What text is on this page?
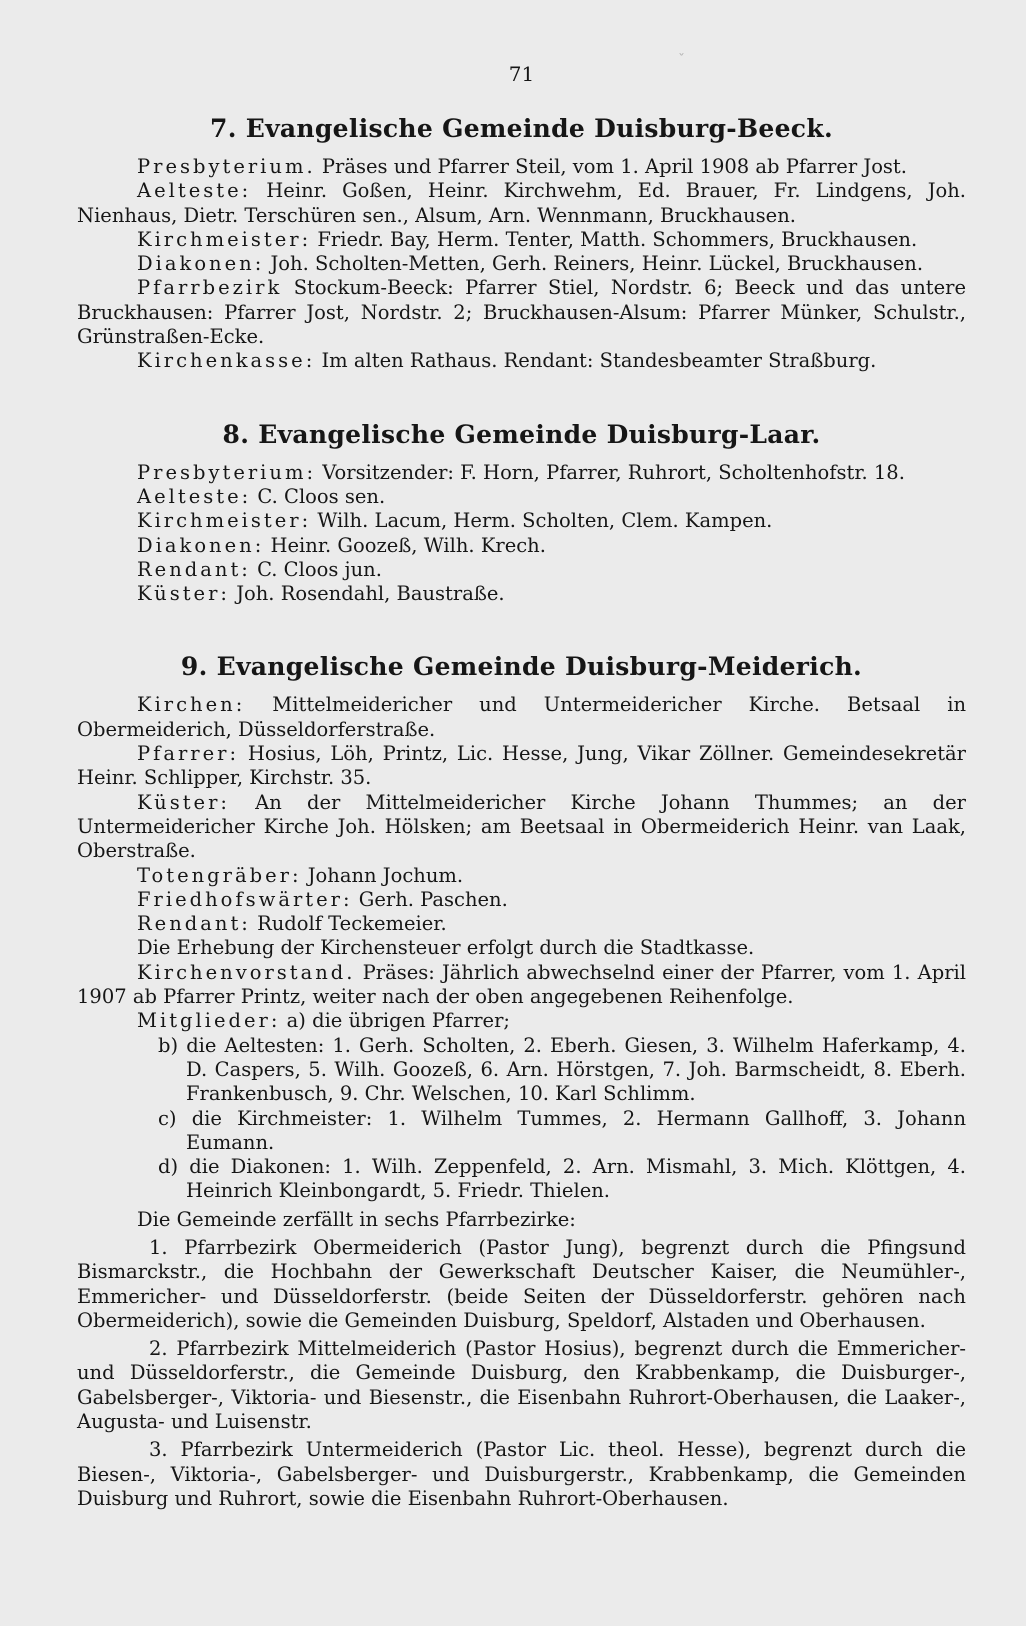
ˇ
71
7. Evangelische Gemeinde Duisburg-Beeck.

Presbyterium. Präses und Pfarrer Steil, vom 1. April 1908 ab Pfarrer Jost.

Aelteste: Heinr. Goßen, Heinr. Kirchwehm, Ed. Brauer, Fr. Lindgens, Joh. Nienhaus, Dietr. Terschüren sen., Alsum, Arn. Wennmann, Bruckhausen.

Kirchmeister: Friedr. Bay, Herm. Tenter, Matth. Schommers, Bruckhausen.

Diakonen: Joh. Scholten-Metten, Gerh. Reiners, Heinr. Lückel, Bruckhausen.

Pfarrbezirk Stockum-Beeck: Pfarrer Stiel, Nordstr. 6; Beeck und das untere Bruckhausen: Pfarrer Jost, Nordstr. 2; Bruckhausen-Alsum: Pfarrer Münker, Schulstr., Grünstraßen-Ecke.

Kirchenkasse: Im alten Rathaus. Rendant: Standesbeamter Straßburg.

8. Evangelische Gemeinde Duisburg-Laar.

Presbyterium: Vorsitzender: F. Horn, Pfarrer, Ruhrort, Scholtenhofstr. 18.

Aelteste: C. Cloos sen.

Kirchmeister: Wilh. Lacum, Herm. Scholten, Clem. Kampen.

Diakonen: Heinr. Goozeß, Wilh. Krech.

Rendant: C. Cloos jun.

Küster: Joh. Rosendahl, Baustraße.

9. Evangelische Gemeinde Duisburg-Meiderich.

Kirchen: Mittelmeidericher und Untermeidericher Kirche. Betsaal in Obermeiderich, Düsseldorferstraße.

Pfarrer: Hosius, Löh, Printz, Lic. Hesse, Jung, Vikar Zöllner. Gemeindesekretär Heinr. Schlipper, Kirchstr. 35.

Küster: An der Mittelmeidericher Kirche Johann Thummes; an der Untermeidericher Kirche Joh. Hölsken; am Beetsaal in Obermeiderich Heinr. van Laak, Oberstraße.

Totengräber: Johann Jochum.

Friedhofswärter: Gerh. Paschen.

Rendant: Rudolf Teckemeier.

Die Erhebung der Kirchensteuer erfolgt durch die Stadtkasse.

Kirchenvorstand. Präses: Jährlich abwechselnd einer der Pfarrer, vom 1. April 1907 ab Pfarrer Printz, weiter nach der oben angegebenen Reihenfolge.

Mitglieder: a) die übrigen Pfarrer;

b) die Aeltesten: 1. Gerh. Scholten, 2. Eberh. Giesen, 3. Wilhelm Haferkamp, 4. D. Caspers, 5. Wilh. Goozeß, 6. Arn. Hörstgen, 7. Joh. Barmscheidt, 8. Eberh. Frankenbusch, 9. Chr. Welschen, 10. Karl Schlimm.

c) die Kirchmeister: 1. Wilhelm Tummes, 2. Hermann Gallhoff, 3. Johann Eumann.

d) die Diakonen: 1. Wilh. Zeppenfeld, 2. Arn. Mismahl, 3. Mich. Klöttgen, 4. Heinrich Kleinbongardt, 5. Friedr. Thielen.

Die Gemeinde zerfällt in sechs Pfarrbezirke:

1. Pfarrbezirk Obermeiderich (Pastor Jung), begrenzt durch die Pfingsund Bismarckstr., die Hochbahn der Gewerkschaft Deutscher Kaiser, die Neumühler-, Emmericher- und Düsseldorferstr. (beide Seiten der Düsseldorferstr. gehören nach Obermeiderich), sowie die Gemeinden Duisburg, Speldorf, Alstaden und Oberhausen.

2. Pfarrbezirk Mittelmeiderich (Pastor Hosius), begrenzt durch die Emmericher- und Düsseldorferstr., die Gemeinde Duisburg, den Krabbenkamp, die Duisburger-, Gabelsberger-, Viktoria- und Biesenstr., die Eisenbahn Ruhrort-Oberhausen, die Laaker-, Augusta- und Luisenstr.

3. Pfarrbezirk Untermeiderich (Pastor Lic. theol. Hesse), begrenzt durch die Biesen-, Viktoria-, Gabelsberger- und Duisburgerstr., Krabbenkamp, die Gemeinden Duisburg und Ruhrort, sowie die Eisenbahn Ruhrort-Oberhausen.
